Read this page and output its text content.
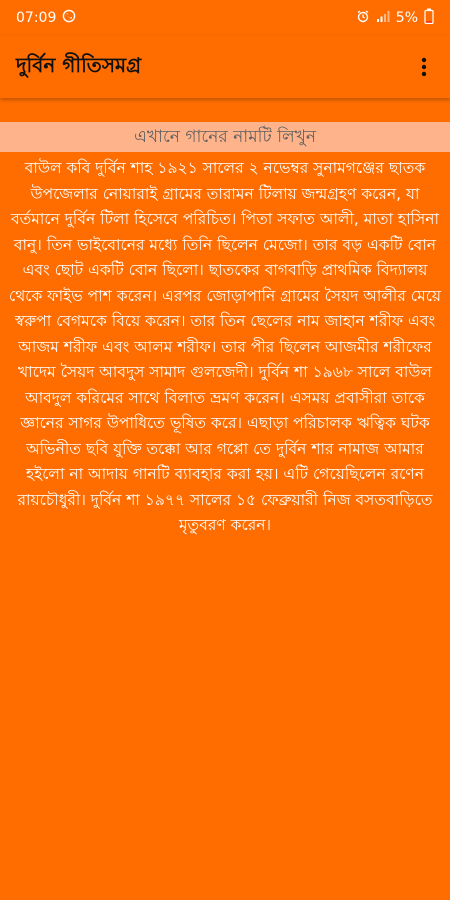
07:09	5%
দুর্বিন গীতিসমগ্র
এখানে গানের নামটি লিখুন
বাউল কবি দুর্বিন শাহ ১৯২১ সালের ২ নভেম্বর সুনামগঞ্জের ছাতক উপজেলার নোয়ারাই গ্রামের তারামন টিলায় জন্মগ্রহণ করেন, যা বর্তমানে দুর্বিন টিলা হিসেবে পরিচিত। পিতা সফাত আলী, মাতা হাসিনা বানু। তিন ভাইবোনের মধ্যে তিনি ছিলেন মেজো। তার বড় একটি বোন এবং ছোট একটি বোন ছিলো। ছাতকের বাগবাড়ি প্রাথমিক বিদ্যালয় থেকে ফাইভ পাশ করেন। এরপর জোড়াপানি গ্রামের সৈয়দ আলীর মেয়ে স্বরুপা বেগমকে বিয়ে করেন। তার তিন ছেলের নাম জাহান শরীফ এবং আজম শরীফ এবং আলম শরীফ। তার পীর ছিলেন আজমীর শরীফের খাদেম সৈয়দ আবদুস সামাদ গুলজেদী। দুর্বিন শা ১৯৬৮ সালে বাউল আবদুল করিমের সাথে বিলাত ভ্রমণ করেন। এসময় প্রবাসীরা তাকে জ্ঞানের সাগর উপাধিতে ভূষিত করে। এছাড়া পরিচালক ঋত্বিক ঘটক অভিনীত ছবি যুক্তি তক্কো আর গপ্পো তে দুর্বিন শার নামাজ আমার হইলো না আদায় গানটি ব্যাবহার করা হয়। এটি গেয়েছিলেন রণেন রায়চৌধুরী। দুর্বিন শা ১৯৭৭ সালের ১৫ ফেব্রুয়ারী নিজ বসতবাড়িতে মৃতুবরণ করেন।
